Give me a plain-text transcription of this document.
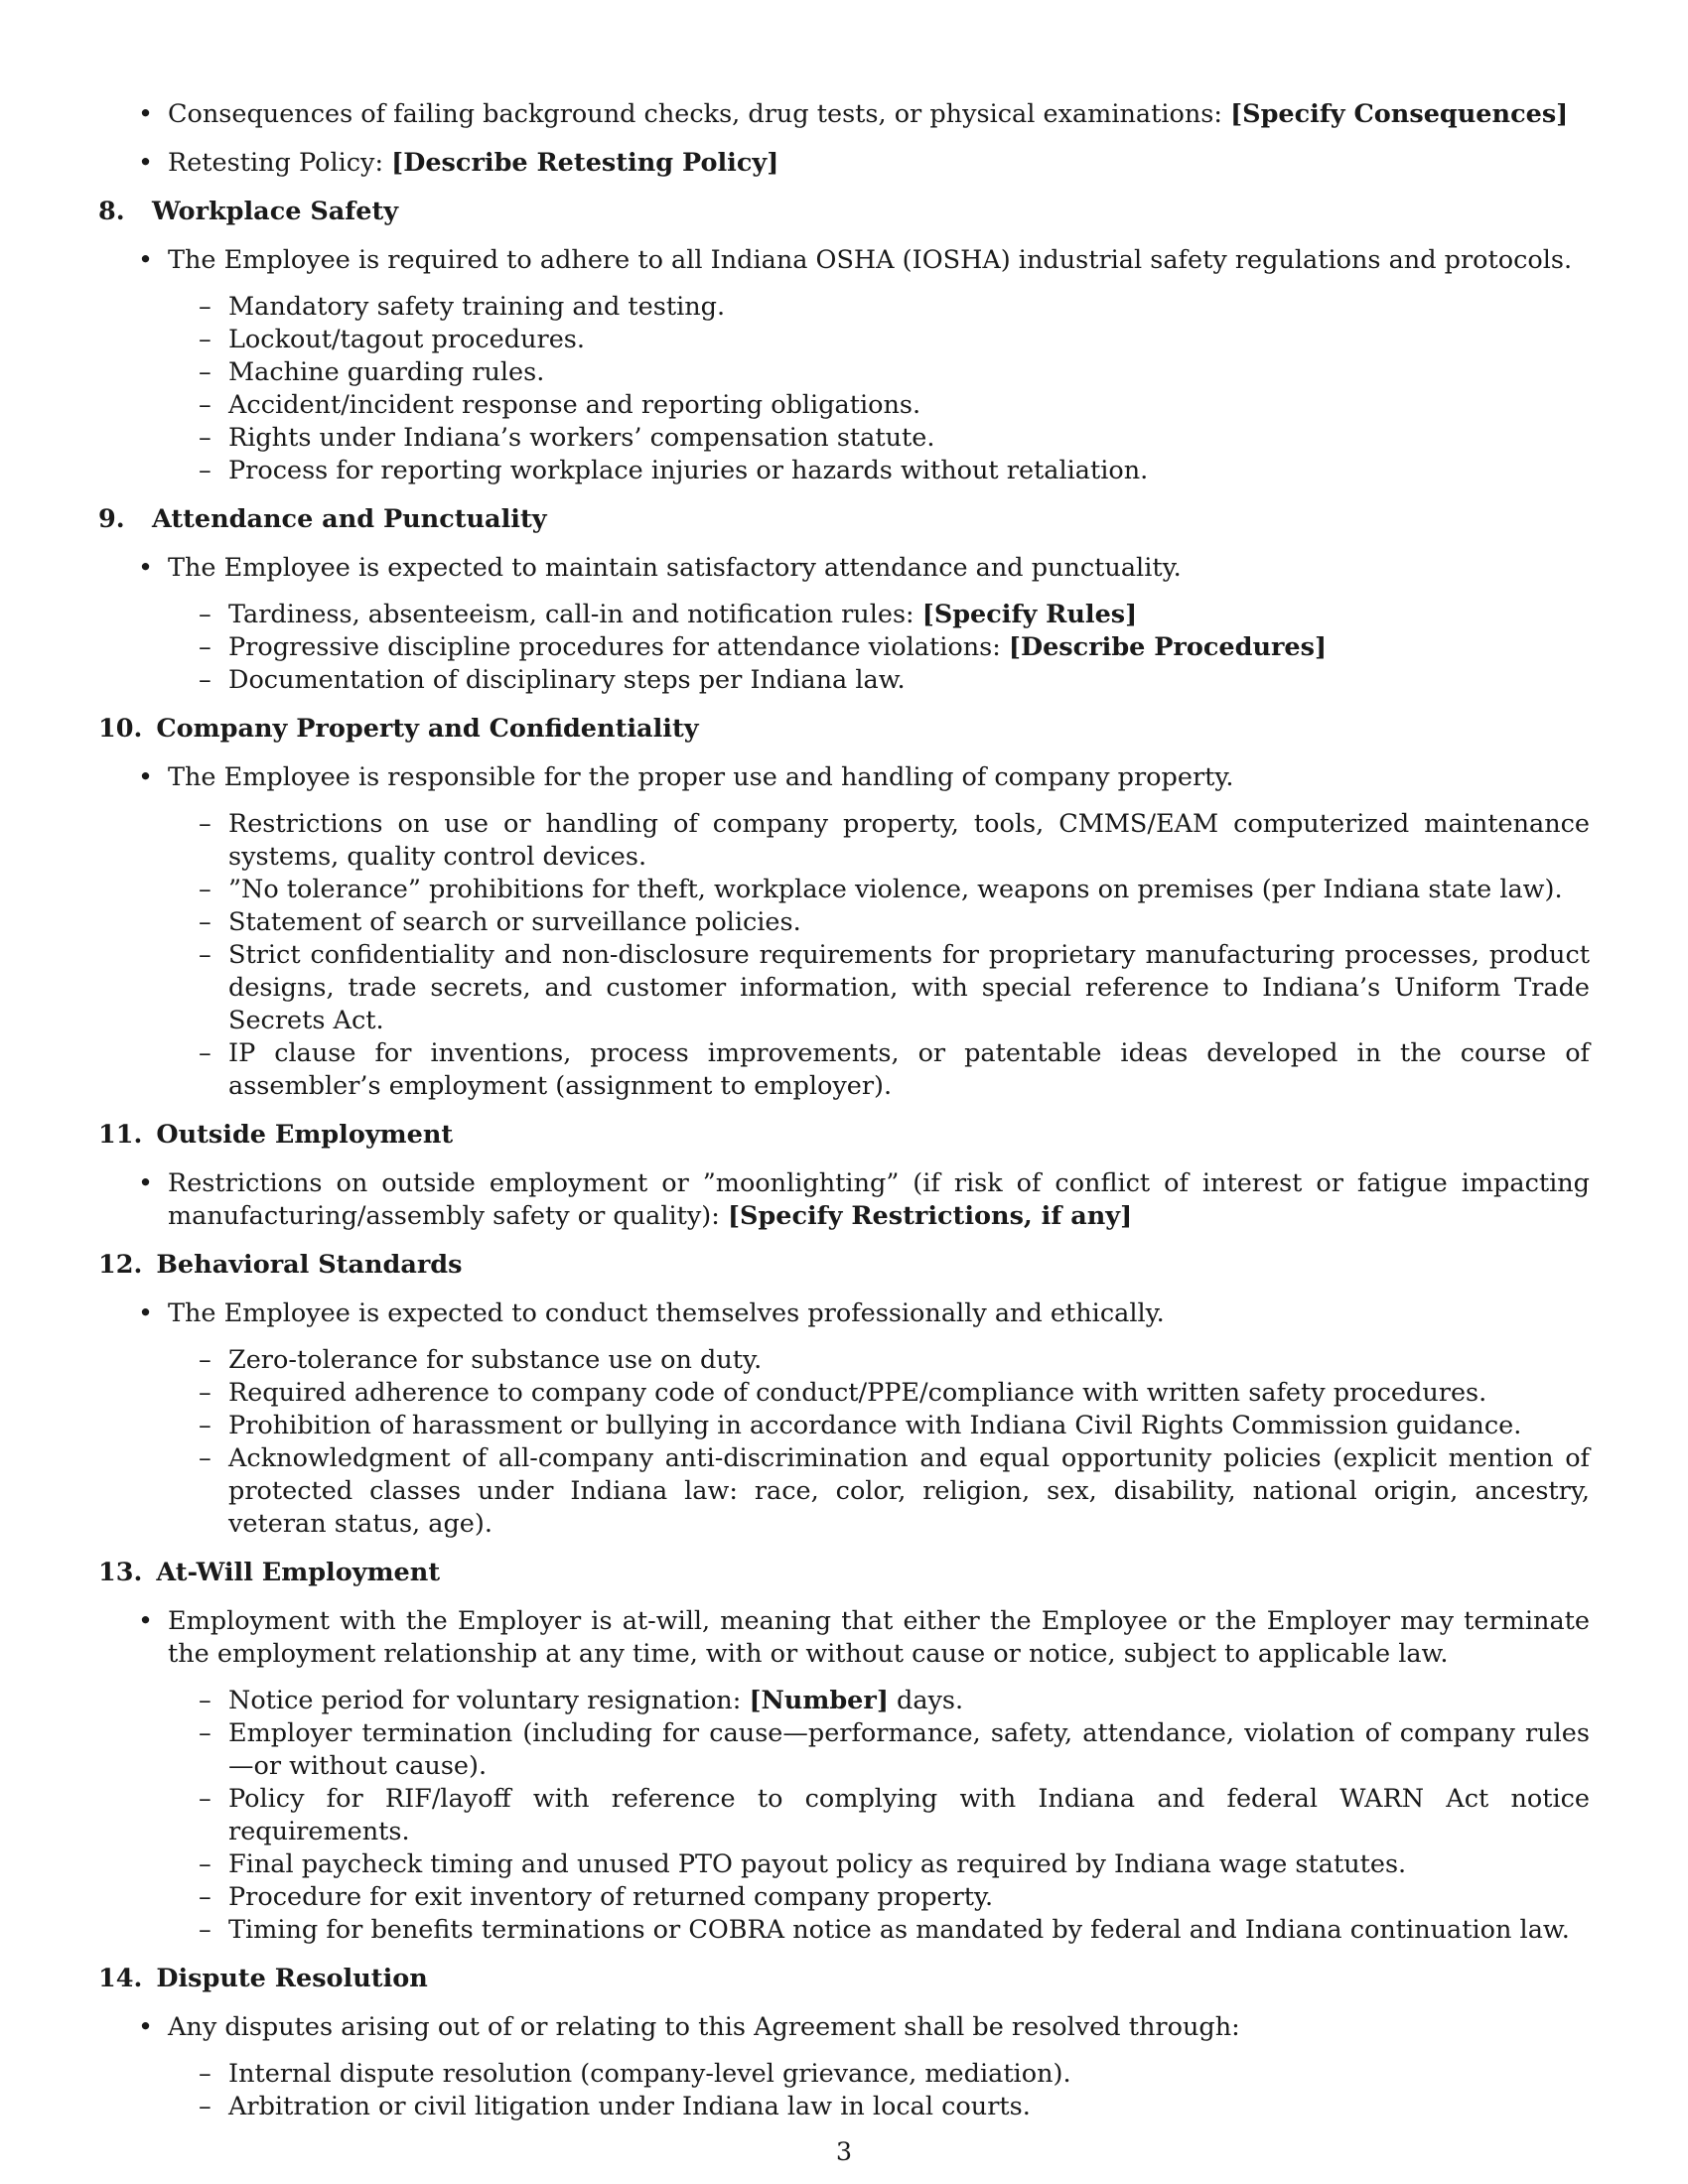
• Consequences of failing background checks, drug tests, or physical examinations: [Specify Consequences]
• Retesting Policy: [Describe Retesting Policy]
8.	Workplace Safety
• The Employee is required to adhere to all Indiana OSHA (IOSHA) industrial safety regulations and protocols.
– Mandatory safety training and testing.
– Lockout/tagout procedures.
– Machine guarding rules.
– Accident/incident response and reporting obligations.
– Rights under Indiana’s workers’ compensation statute.
– Process for reporting workplace injuries or hazards without retaliation.
9.	Attendance and Punctuality
• The Employee is expected to maintain satisfactory attendance and punctuality.
– Tardiness, absenteeism, call-in and notification rules: [Specify Rules]
– Progressive discipline procedures for attendance violations: [Describe Procedures]
– Documentation of disciplinary steps per Indiana law.
10. Company Property and Confidentiality
• The Employee is responsible for the proper use and handling of company property.
– Restrictions on use or handling of company property, tools, CMMS/EAM computerized maintenance systems, quality control devices.
– ”No tolerance” prohibitions for theft, workplace violence, weapons on premises (per Indiana state law).
– Statement of search or surveillance policies.
– Strict confidentiality and non-disclosure requirements for proprietary manufacturing processes, product designs, trade secrets, and customer information, with special reference to Indiana’s Uniform Trade Secrets Act.
– IP clause for inventions, process improvements, or patentable ideas developed in the course of assembler’s employment (assignment to employer).
11. Outside Employment
• Restrictions on outside employment or ”moonlighting” (if risk of conflict of interest or fatigue impacting manufacturing/assembly safety or quality): [Specify Restrictions, if any]
12. Behavioral Standards
• The Employee is expected to conduct themselves professionally and ethically.
– Zero-tolerance for substance use on duty.
– Required adherence to company code of conduct/PPE/compliance with written safety procedures.
– Prohibition of harassment or bullying in accordance with Indiana Civil Rights Commission guidance.
– Acknowledgment of all-company anti-discrimination and equal opportunity policies (explicit mention of protected classes under Indiana law: race, color, religion, sex, disability, national origin, ancestry, veteran status, age).
13. At-Will Employment
• Employment with the Employer is at-will, meaning that either the Employee or the Employer may terminate the employment relationship at any time, with or without cause or notice, subject to applicable law.
– Notice period for voluntary resignation: [Number] days.
– Employer termination (including for cause—performance, safety, attendance, violation of company rules—or without cause).
– Policy for RIF/layoff with reference to complying with Indiana and federal WARN Act notice requirements.
– Final paycheck timing and unused PTO payout policy as required by Indiana wage statutes.
– Procedure for exit inventory of returned company property.
– Timing for benefits terminations or COBRA notice as mandated by federal and Indiana continuation law.
14. Dispute Resolution
• Any disputes arising out of or relating to this Agreement shall be resolved through:
– Internal dispute resolution (company-level grievance, mediation).
– Arbitration or civil litigation under Indiana law in local courts.
3
